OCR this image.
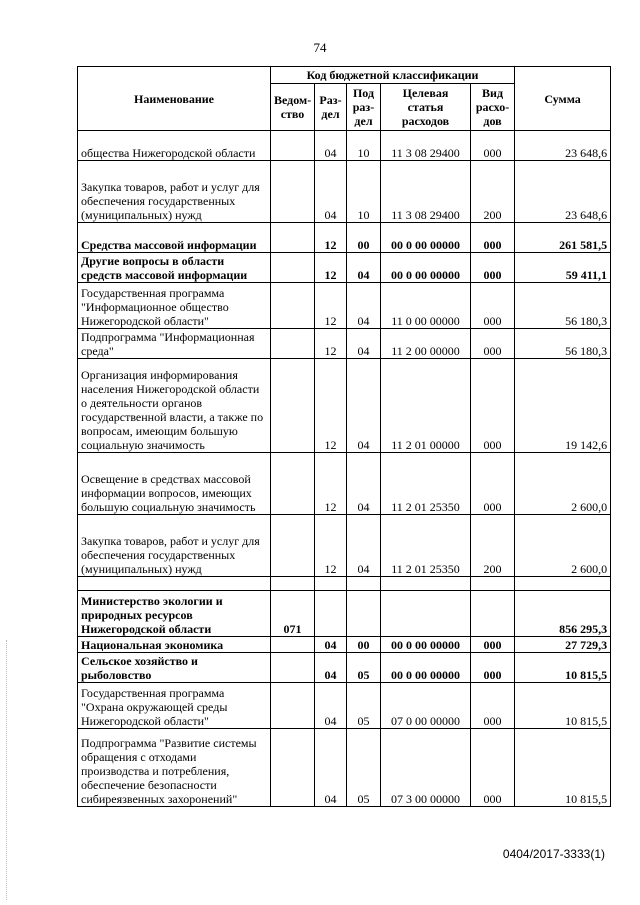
74
Наименование	Код бюджетной классификации					Сумма
	Ведом-ство	Раз-дел	Под раз-дел	Целевая статья расходов	Вид расхо-дов	
общества Нижегородской области		04	10	11 3 08 29400	000	23 648,6
Закупка товаров, работ и услуг для обеспечения государственных (муниципальных) нужд		04	10	11 3 08 29400	200	23 648,6
Средства массовой информации		12	00	00 0 00 00000	000	261 581,5
Другие вопросы в области средств массовой информации		12	04	00 0 00 00000	000	59 411,1
Государственная программа "Информационное общество Нижегородской области"		12	04	11 0 00 00000	000	56 180,3
Подпрограмма "Информационная среда"		12	04	11 2 00 00000	000	56 180,3
Организация информирования населения Нижегородской области о деятельности органов государственной власти, а также по вопросам, имеющим большую социальную значимость		12	04	11 2 01 00000	000	19 142,6
Освещение в средствах массовой информации вопросов, имеющих большую социальную значимость		12	04	11 2 01 25350	000	2 600,0
Закупка товаров, работ и услуг для обеспечения государственных (муниципальных) нужд		12	04	11 2 01 25350	200	2 600,0

Министерство экологии и природных ресурсов Нижегородской области	071					856 295,3
Национальная экономика		04	00	00 0 00 00000	000	27 729,3
Сельское хозяйство и рыболовство		04	05	00 0 00 00000	000	10 815,5
Государственная программа "Охрана окружающей среды Нижегородской области"		04	05	07 0 00 00000	000	10 815,5
Подпрограмма "Развитие системы обращения с отходами производства и потребления, обеспечение безопасности сибиреязвенных захоронений"		04	05	07 3 00 00000	000	10 815,5
0404/2017-3333(1)
